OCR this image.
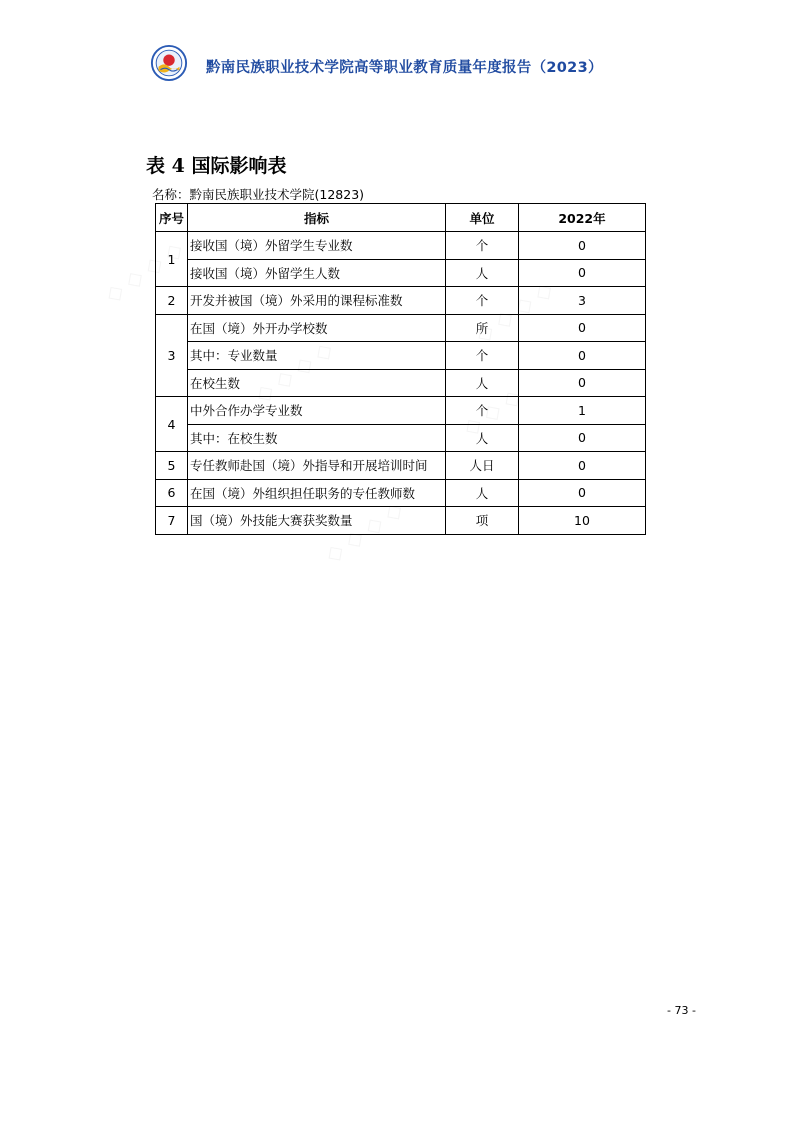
黔南民族职业技术学院高等职业教育质量年度报告（2023）
表 4 国际影响表
名称：黔南民族职业技术学院(12823)
序号	指标	单位	2022年
1	接收国（境）外留学生专业数	个	0
	接收国（境）外留学生人数	人	0
2	开发并被国（境）外采用的课程标准数	个	3
3	在国（境）外开办学校数	所	0
	其中：专业数量	个	0
	在校生数	人	0
4	中外合作办学专业数	个	1
	其中：在校生数	人	0
5	专任教师赴国（境）外指导和开展培训时间	人日	0
6	在国（境）外组织担任职务的专任教师数	人	0
7	国（境）外技能大赛获奖数量	项	10
- 73 -
